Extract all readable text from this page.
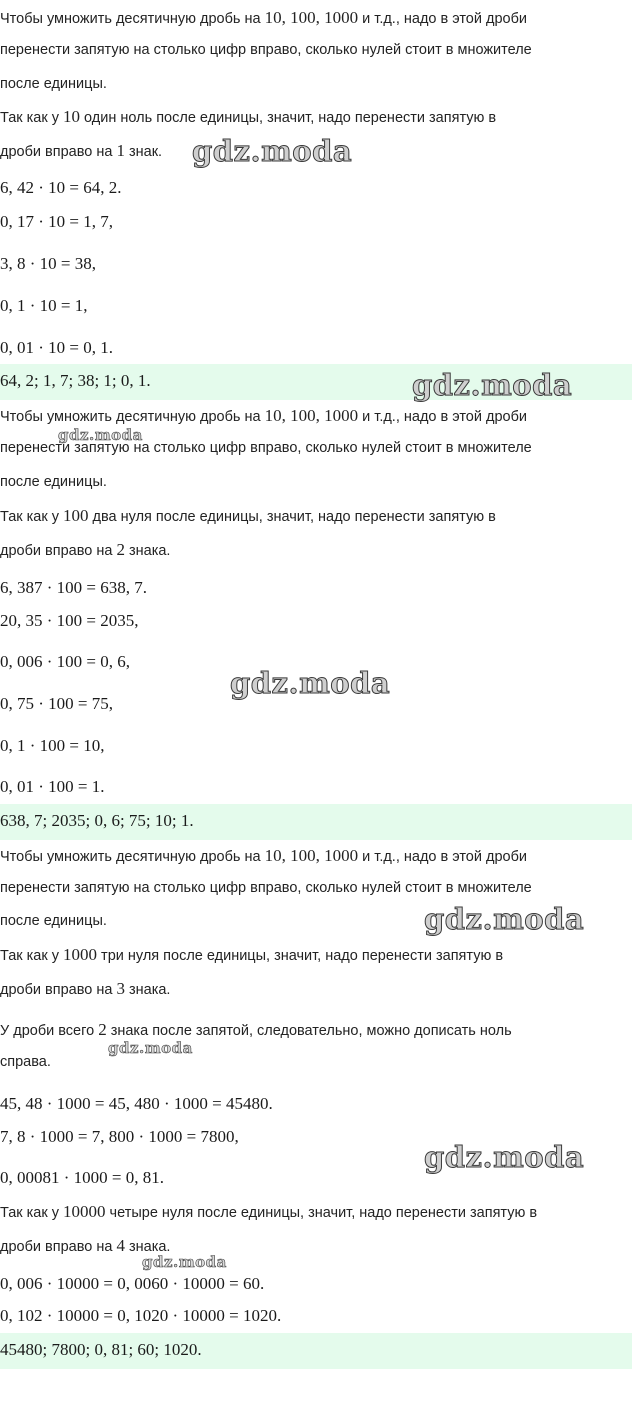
Чтобы умножить десятичную дробь на 10, 100, 1000 и т.д., надо в этой дроби
перенести запятую на столько цифр вправо, сколько нулей стоит в множителе
после единицы.
Так как у 10 один ноль после единицы, значит, надо перенести запятую в
дроби вправо на 1 знак.
6, 42 · 10 = 64, 2.
0, 17 · 10 = 1, 7,
3, 8 · 10 = 38,
0, 1 · 10 = 1,
0, 01 · 10 = 0, 1.
64, 2; 1, 7; 38; 1; 0, 1.
Чтобы умножить десятичную дробь на 10, 100, 1000 и т.д., надо в этой дроби
перенести запятую на столько цифр вправо, сколько нулей стоит в множителе
после единицы.
Так как у 100 два нуля после единицы, значит, надо перенести запятую в
дроби вправо на 2 знака.
6, 387 · 100 = 638, 7.
20, 35 · 100 = 2035,
0, 006 · 100 = 0, 6,
0, 75 · 100 = 75,
0, 1 · 100 = 10,
0, 01 · 100 = 1.
638, 7; 2035; 0, 6; 75; 10; 1.
Чтобы умножить десятичную дробь на 10, 100, 1000 и т.д., надо в этой дроби
перенести запятую на столько цифр вправо, сколько нулей стоит в множителе
после единицы.
Так как у 1000 три нуля после единицы, значит, надо перенести запятую в
дроби вправо на 3 знака.
У дроби всего 2 знака после запятой, следовательно, можно дописать ноль
справа.
45, 48 · 1000 = 45, 480 · 1000 = 45480.
7, 8 · 1000 = 7, 800 · 1000 = 7800,
0, 00081 · 1000 = 0, 81.
Так как у 10000 четыре нуля после единицы, значит, надо перенести запятую в
дроби вправо на 4 знака.
0, 006 · 10000 = 0, 0060 · 10000 = 60.
0, 102 · 10000 = 0, 1020 · 10000 = 1020.
45480; 7800; 0, 81; 60; 1020.
gdz.moda
gdz.moda
gdz.moda
gdz.moda
gdz.moda
gdz.moda
gdz.moda
gdz.moda
